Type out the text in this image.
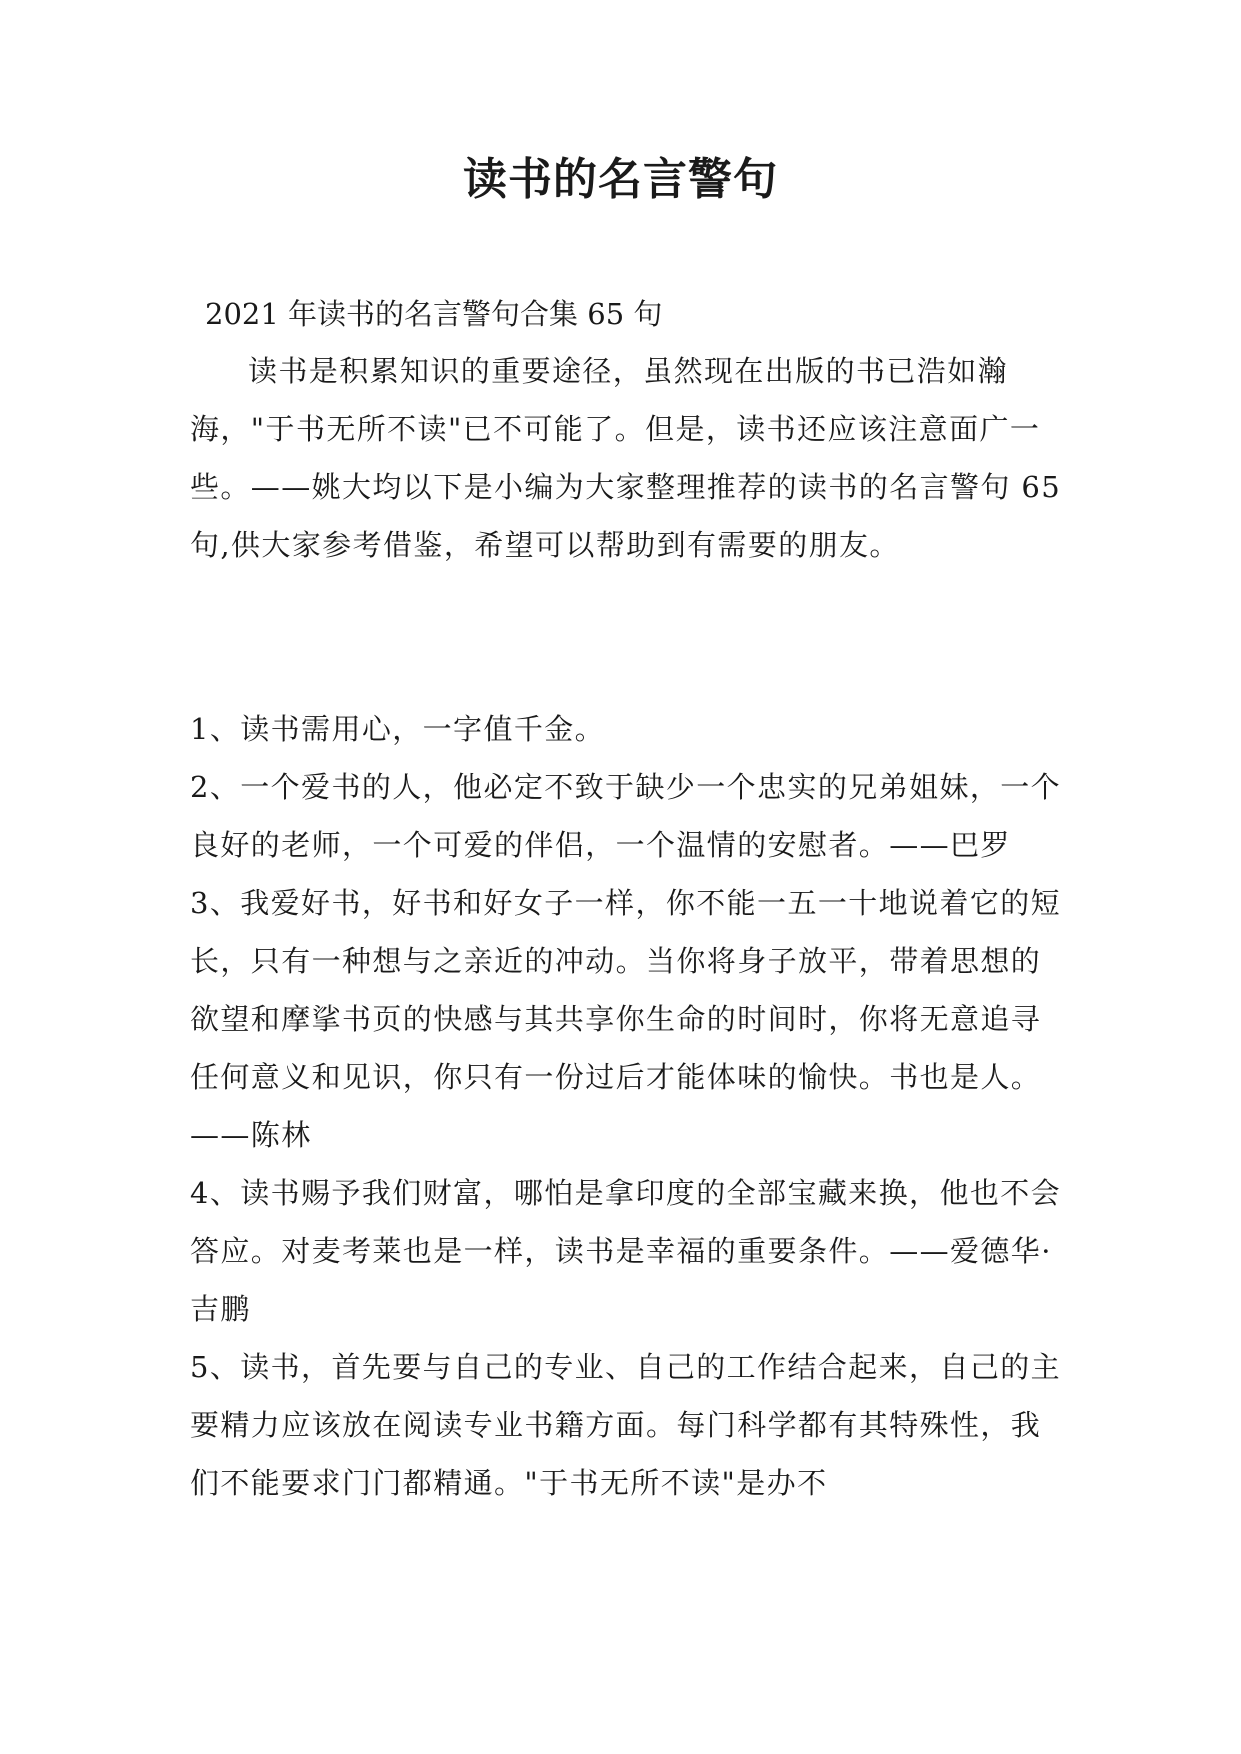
读书的名言警句
2021 年读书的名言警句合集 65 句

读书是积累知识的重要途径，虽然现在出版的书已浩如瀚海，"于书无所不读"已不可能了。但是，读书还应该注意面广一些。——姚大均以下是小编为大家整理推荐的读书的名言警句 65 句,供大家参考借鉴，希望可以帮助到有需要的朋友。

1、读书需用心，一字值千金。

2、一个爱书的人，他必定不致于缺少一个忠实的兄弟姐妹，一个良好的老师，一个可爱的伴侣，一个温情的安慰者。——巴罗

3、我爱好书，好书和好女子一样，你不能一五一十地说着它的短长，只有一种想与之亲近的冲动。当你将身子放平，带着思想的欲望和摩挲书页的快感与其共享你生命的时间时，你将无意追寻任何意义和见识，你只有一份过后才能体味的愉快。书也是人。——陈林

4、读书赐予我们财富，哪怕是拿印度的全部宝藏来换，他也不会答应。对麦考莱也是一样，读书是幸福的重要条件。——爱德华·吉鹏

5、读书，首先要与自己的专业、自己的工作结合起来，自己的主要精力应该放在阅读专业书籍方面。每门科学都有其特殊性，我们不能要求门门都精通。"于书无所不读"是办不
